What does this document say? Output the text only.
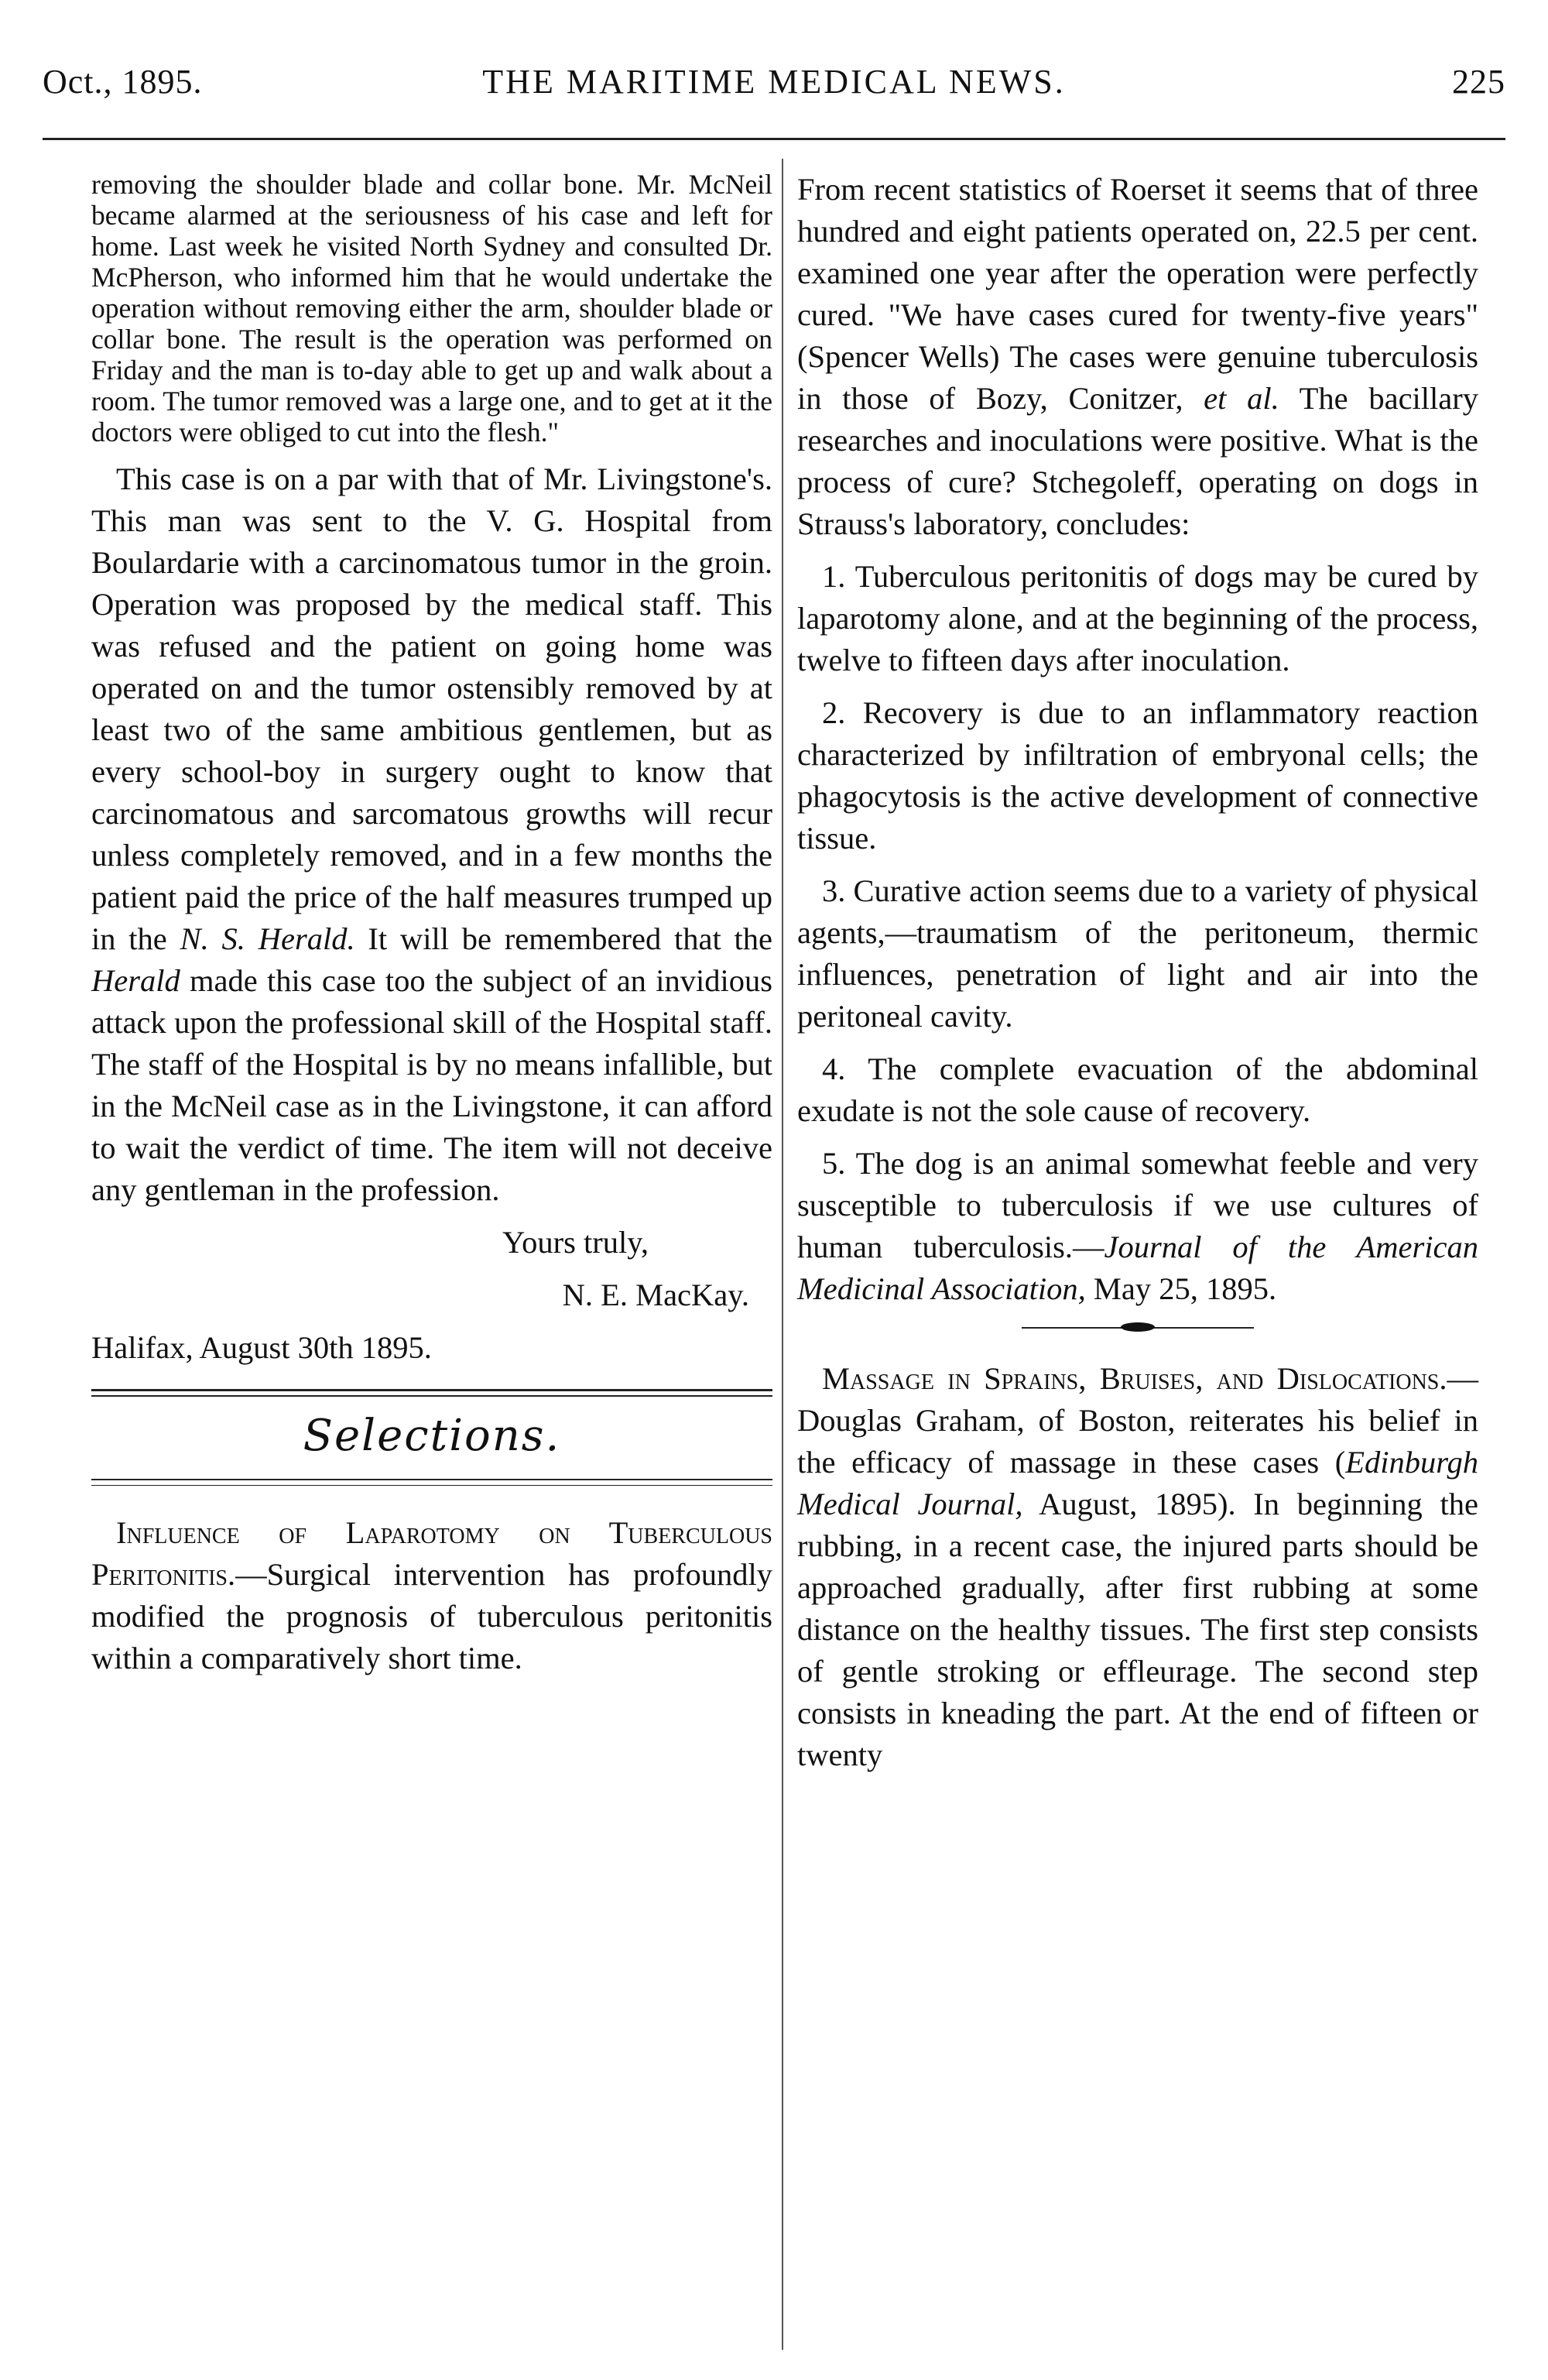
Oct., 1895.	THE MARITIME MEDICAL NEWS.	225

removing the shoulder blade and collar bone. Mr. McNeil became alarmed at the seriousness of his case and left for home. Last week he visited North Sydney and consulted Dr. McPherson, who informed him that he would undertake the operation without removing either the arm, shoulder blade or collar bone. The result is the operation was performed on Friday and the man is to-day able to get up and walk about a room. The tumor removed was a large one, and to get at it the doctors were obliged to cut into the flesh."

This case is on a par with that of Mr. Livingstone's. This man was sent to the V. G. Hospital from Boulardarie with a carcinomatous tumor in the groin. Operation was proposed by the medical staff. This was refused and the patient on going home was operated on and the tumor ostensibly removed by at least two of the same ambitious gentlemen, but as every school-boy in surgery ought to know that carcinomatous and sarcomatous growths will recur unless completely removed, and in a few months the patient paid the price of the half measures trumped up in the N. S. Herald. It will be remembered that the Herald made this case too the subject of an invidious attack upon the professional skill of the Hospital staff. The staff of the Hospital is by no means infallible, but in the McNeil case as in the Livingstone, it can afford to wait the verdict of time. The item will not deceive any gentleman in the profession.

Yours truly,

N. E. MacKay.

Halifax, August 30th 1895.

Selections.

Influence of Laparotomy on Tuberculous Peritonitis.—Surgical intervention has profoundly modified the prognosis of tuberculous peritonitis within a comparatively short time.

From recent statistics of Roerset it seems that of three hundred and eight patients operated on, 22.5 per cent. examined one year after the operation were perfectly cured. "We have cases cured for twenty-five years" (Spencer Wells) The cases were genuine tuberculosis in those of Bozy, Conitzer, et al. The bacillary researches and inoculations were positive. What is the process of cure? Stchegoleff, operating on dogs in Strauss's laboratory, concludes:

1. Tuberculous peritonitis of dogs may be cured by laparotomy alone, and at the beginning of the process, twelve to fifteen days after inoculation.

2. Recovery is due to an inflammatory reaction characterized by infiltration of embryonal cells; the phagocytosis is the active development of connective tissue.

3. Curative action seems due to a variety of physical agents,—traumatism of the peritoneum, thermic influences, penetration of light and air into the peritoneal cavity.

4. The complete evacuation of the abdominal exudate is not the sole cause of recovery.

5. The dog is an animal somewhat feeble and very susceptible to tuberculosis if we use cultures of human tuberculosis.—Journal of the American Medicinal Association, May 25, 1895.

Massage in Sprains, Bruises, and Dislocations.—Douglas Graham, of Boston, reiterates his belief in the efficacy of massage in these cases (Edinburgh Medical Journal, August, 1895). In beginning the rubbing, in a recent case, the injured parts should be approached gradually, after first rubbing at some distance on the healthy tissues. The first step consists of gentle stroking or effleurage. The second step consists in kneading the part. At the end of fifteen or twenty
